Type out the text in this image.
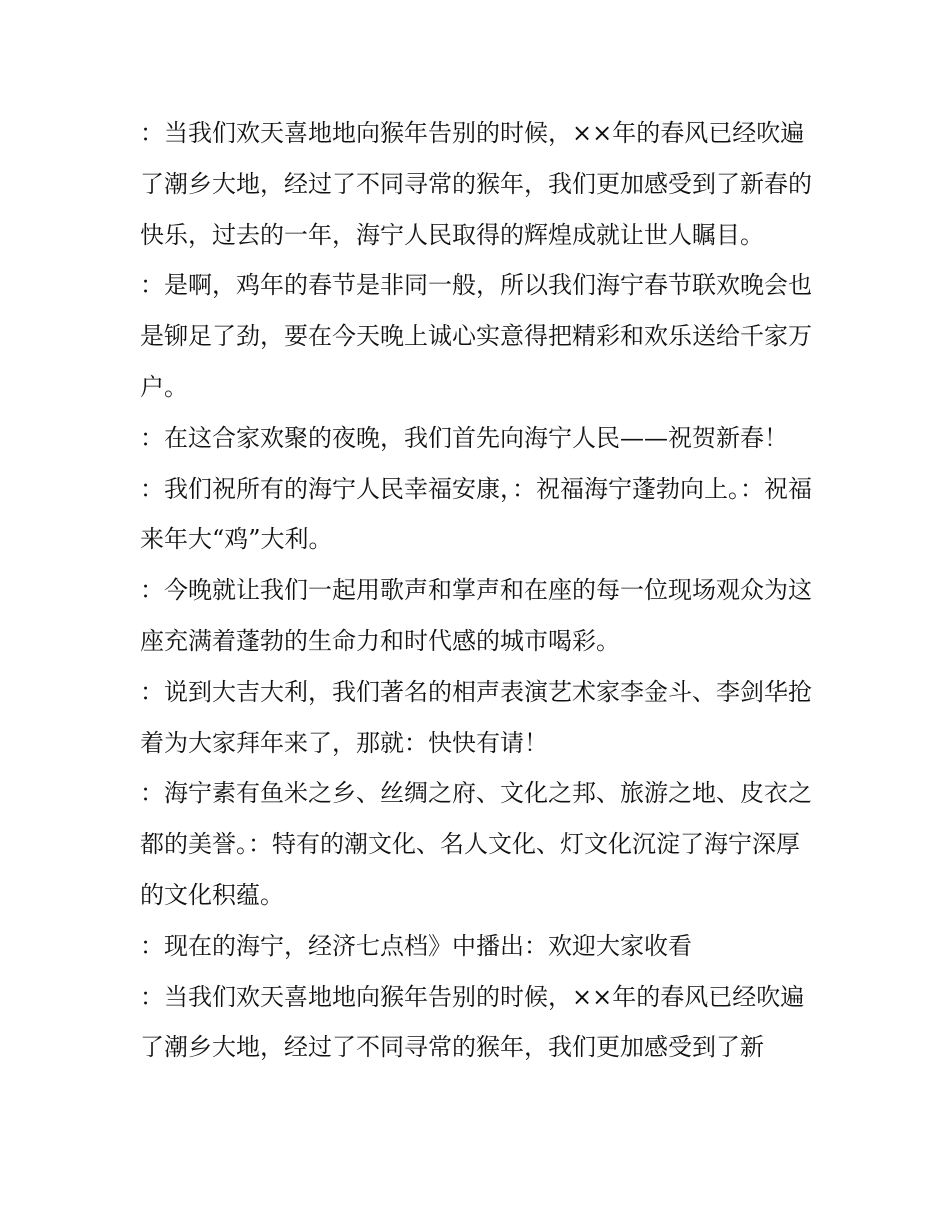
：当我们欢天喜地地向猴年告别的时候，××年的春风已经吹遍了潮乡大地，经过了不同寻常的猴年，我们更加感受到了新春的快乐，过去的一年，海宁人民取得的辉煌成就让世人瞩目。

：是啊，鸡年的春节是非同一般，所以我们海宁春节联欢晚会也是铆足了劲，要在今天晚上诚心实意得把精彩和欢乐送给千家万户。

：在这合家欢聚的夜晚，我们首先向海宁人民——祝贺新春！

：我们祝所有的海宁人民幸福安康，：祝福海宁蓬勃向上。：祝福来年大“鸡”大利。

：今晚就让我们一起用歌声和掌声和在座的每一位现场观众为这座充满着蓬勃的生命力和时代感的城市喝彩。

：说到大吉大利，我们著名的相声表演艺术家李金斗、李剑华抢着为大家拜年来了，那就：快快有请！

：海宁素有鱼米之乡、丝绸之府、文化之邦、旅游之地、皮衣之都的美誉。：特有的潮文化、名人文化、灯文化沉淀了海宁深厚的文化积蕴。

：现在的海宁，经济七点档》中播出：欢迎大家收看

：当我们欢天喜地地向猴年告别的时候，××年的春风已经吹遍了潮乡大地，经过了不同寻常的猴年，我们更加感受到了新
